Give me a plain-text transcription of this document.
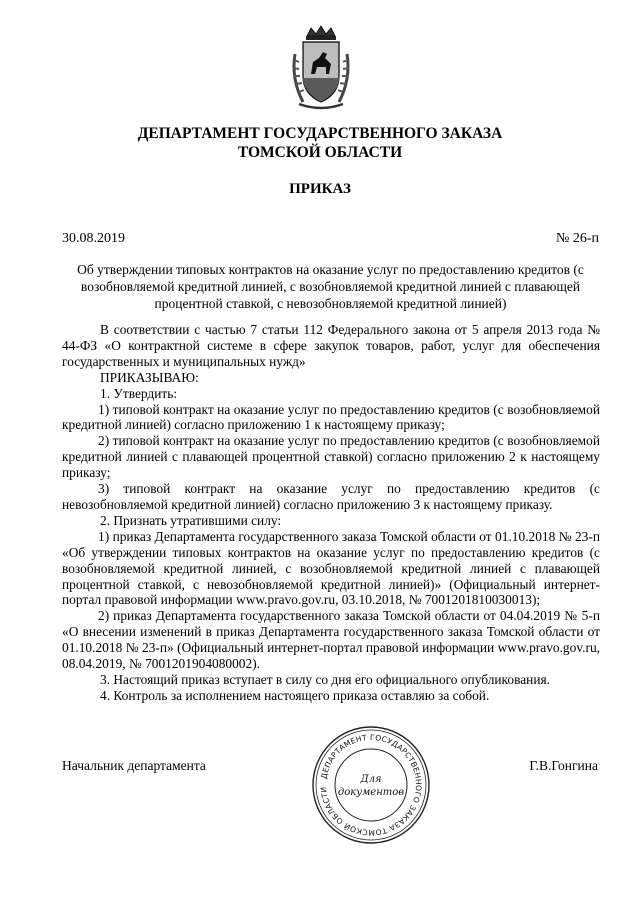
ДЕПАРТАМЕНТ ГОСУДАРСТВЕННОГО ЗАКАЗА
ТОМСКОЙ ОБЛАСТИ
ПРИКАЗ
30.08.2019	№ 26-п
Об утверждении типовых контрактов на оказание услуг по предоставлению кредитов (с возобновляемой кредитной линией, с возобновляемой кредитной линией с плавающей процентной ставкой, с невозобновляемой кредитной линией)

В соответствии с частью 7 статьи 112 Федерального закона от 5 апреля 2013 года № 44-ФЗ «О контрактной системе в сфере закупок товаров, работ, услуг для обеспечения государственных и муниципальных нужд»

ПРИКАЗЫВАЮ:

1. Утвердить:

1) типовой контракт на оказание услуг по предоставлению кредитов (с возобновляемой кредитной линией) согласно приложению 1 к настоящему приказу;

2) типовой контракт на оказание услуг по предоставлению кредитов (с возобновляемой кредитной линией с плавающей процентной ставкой) согласно приложению 2 к настоящему приказу;

3) типовой контракт на оказание услуг по предоставлению кредитов (с невозобновляемой кредитной линией) согласно приложению 3 к настоящему приказу.

2. Признать утратившими силу:

1) приказ Департамента государственного заказа Томской области от 01.10.2018 № 23-п «Об утверждении типовых контрактов на оказание услуг по предоставлению кредитов (с возобновляемой кредитной линией, с возобновляемой кредитной линией с плавающей процентной ставкой, с невозобновляемой кредитной линией)» (Официальный интернет-портал правовой информации www.pravo.gov.ru, 03.10.2018, № 7001201810030013);

2) приказ Департамента государственного заказа Томской области от 04.04.2019 № 5-п «О внесении изменений в приказ Департамента государственного заказа Томской области от 01.10.2018 № 23-п» (Официальный интернет-портал правовой информации www.pravo.gov.ru, 08.04.2019, № 7001201904080002).

3. Настоящий приказ вступает в силу со дня его официального опубликования.

4. Контроль за исполнением настоящего приказа оставляю за собой.

Начальник департамента	Г.В.Гонгина
ДЕПАРТАМЕНТ ГОСУДАРСТВЕННОГО ЗАКАЗА ТОМСКОЙ ОБЛАСТИ
Для
документов
